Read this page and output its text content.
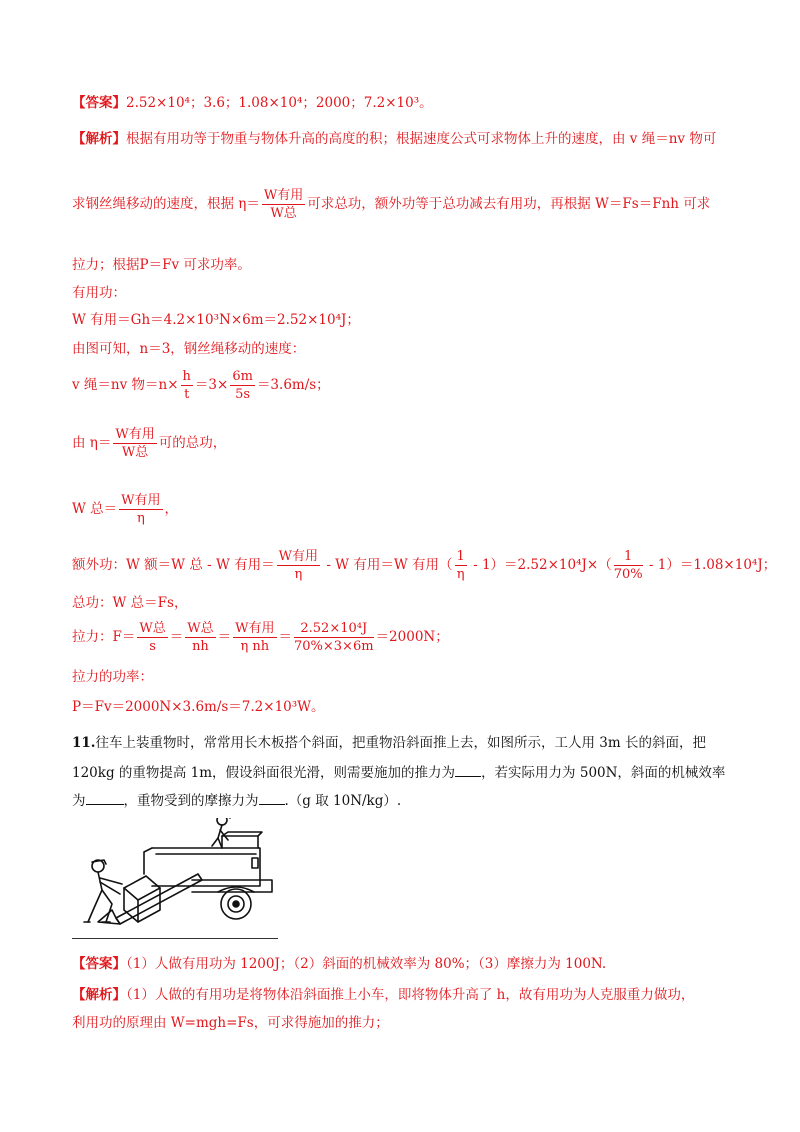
【答案】2.52×10⁴；3.6；1.08×10⁴；2000；7.2×10³。
【解析】根据有用功等于物重与物体升高的高度的积；根据速度公式可求物体上升的速度，由 v 绳＝nv 物可
求钢丝绳移动的速度，根据 $\eta= \frac{\text{W有用}}{\text{W总}}$ 可求总功，额外功等于总功减去有用功，再根据 W＝Fs＝Fnh 可求
拉力；根据P＝Fv 可求功率。
有用功：
W 有用＝Gh＝4.2×10³N×6m＝2.52×10⁴J；
由图可知，n＝3，钢丝绳移动的速度：
v 绳＝nv 物$=n\times \frac{h}{t} =3\times \frac{6m}{5s} =3.6m/s$；
由 $\eta= \frac{\text{W有用}}{\text{W总}}$ 可的总功，
W 总＝ $\frac{\text{W有用}}{\eta}$ ，
额外功：W 额＝W 总 - W 有用＝ $\frac{\text{W有用}}{\eta}$ - W 有用＝W 有用（ $\frac{1}{\eta} - 1)=2.52\times 10^4J\times( \frac{1}{70\%} - 1)=1.08\times 10^4J$；
总功：W 总＝Fs，
拉力：$F= \frac{\text{W总}}{s} = \frac{\text{W总}}{nh} = \frac{\text{W有用}}{\text{η nh}} = \frac{\text{2.52×10⁴J}}{70\%\times 3\times 6m} =2000N$；
拉力的功率：
P＝Fv＝2000N×3.6m/s＝7.2×10³W。
11.往车上装重物时，常常用长木板搭个斜面，把重物沿斜面推上去，如图所示，工人用 3m 长的斜面，把
120kg 的重物提高 1m，假设斜面很光滑，则需要施加的推力为 ，若实际用力为 500N，斜面的机械效率
为	，重物受到的摩擦力为 .（g 取 10N/kg）.
【答案】（1）人做有用功为 1200J；（2）斜面的机械效率为 80%；（3）摩擦力为 100N.
【解析】（1）人做的有用功是将物体沿斜面推上小车，即将物体升高了 h，故有用功为人克服重力做功，
利用功的原理由 W=mgh=Fs，可求得施加的推力；
